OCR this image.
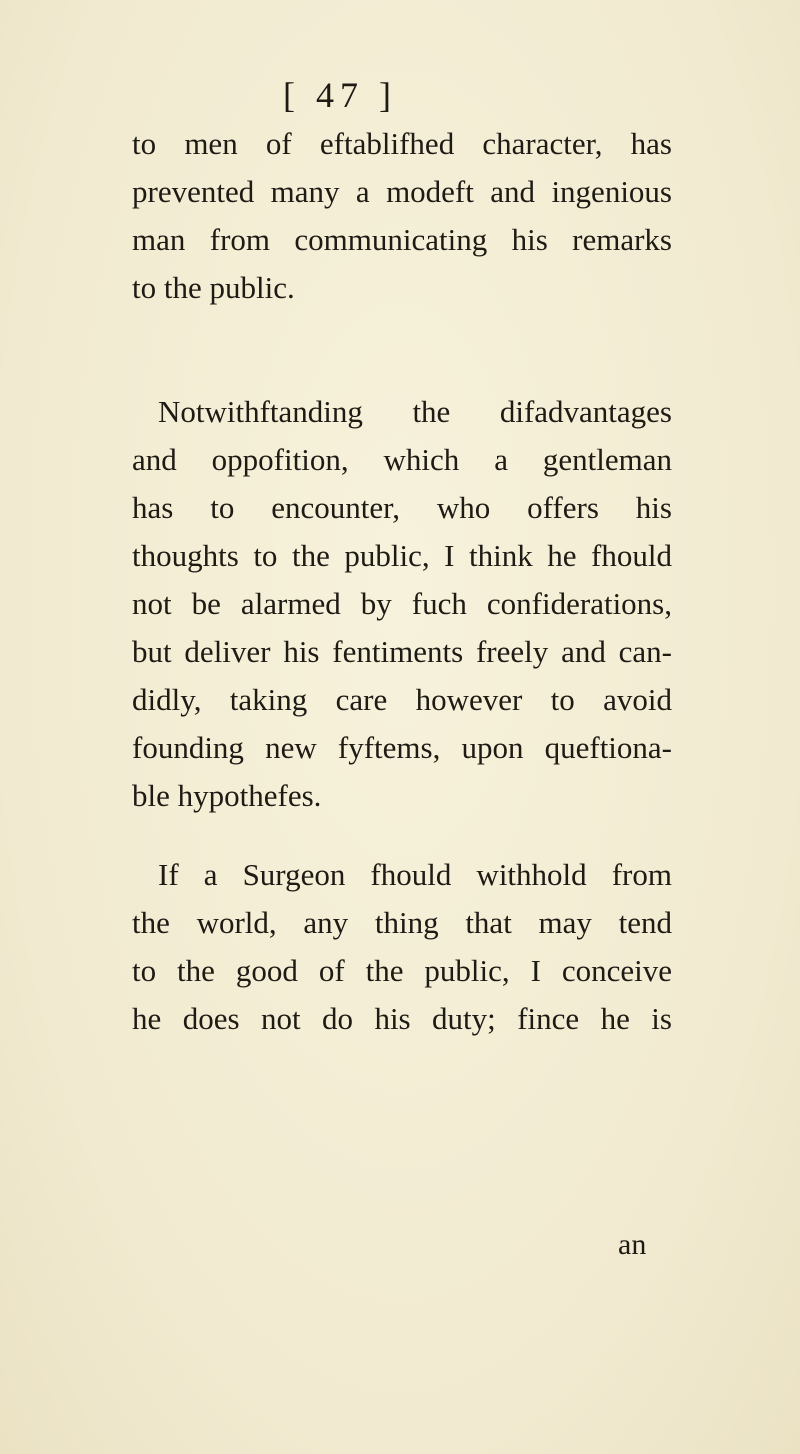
[ 47 ]
to men of eftablifhed character, has
prevented many a modeft and ingenious
man from communicating his remarks
to the public.
Notwithftanding the difadvantages
and oppofition, which a gentleman
has to encounter, who offers his
thoughts to the public, I think he fhould
not be alarmed by fuch confiderations,
but deliver his fentiments freely and can-
didly, taking care however to avoid
founding new fyftems, upon queftiona-
ble hypothefes.
If a Surgeon fhould withhold from
the world, any thing that may tend
to the good of the public, I conceive
he does not do his duty; fince he is
an
